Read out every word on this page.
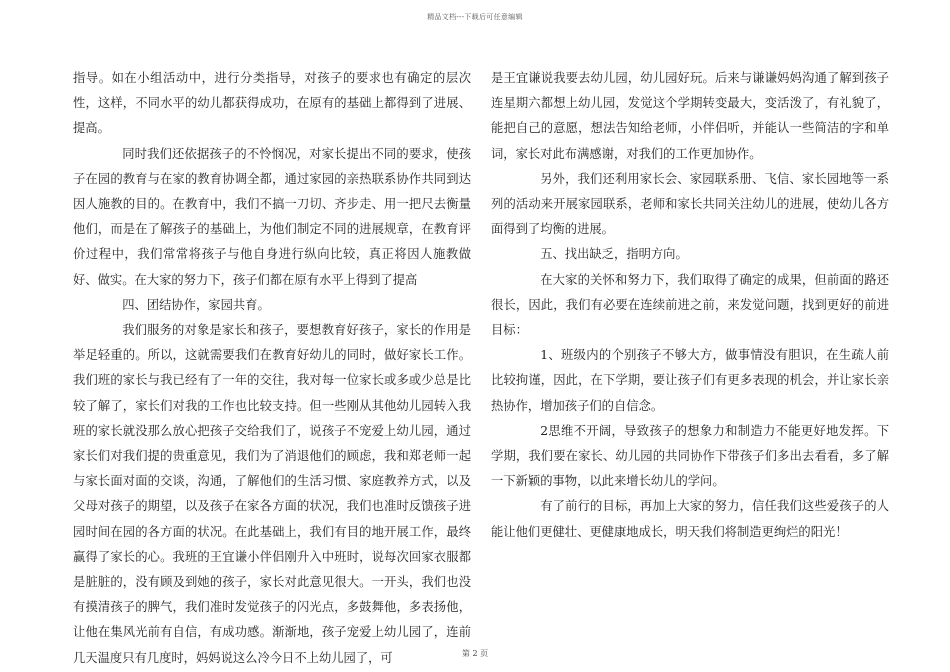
精品文档---下载后可任意编辑

指导。如在小组活动中，进行分类指导，对孩子的要求也有确定的层次性，这样，不同水平的幼儿都获得成功，在原有的基础上都得到了进展、提高。

同时我们还依据孩子的不怜悯况，对家长提出不同的要求，使孩子在园的教育与在家的教育协调全都，通过家园的亲热联系协作共同到达因人施教的目的。在教育中，我们不搞一刀切、齐步走、用一把尺去衡量他们，而是在了解孩子的基础上，为他们制定不同的进展规章，在教育评价过程中，我们常常将孩子与他自身进行纵向比较，真正将因人施教做好、做实。在大家的努力下，孩子们都在原有水平上得到了提高

四、团结协作，家园共育。

我们服务的对象是家长和孩子，要想教育好孩子，家长的作用是举足轻重的。所以，这就需要我们在教育好幼儿的同时，做好家长工作。我们班的家长与我已经有了一年的交往，我对每一位家长或多或少总是比较了解了，家长们对我的工作也比较支持。但一些刚从其他幼儿园转入我班的家长就没那么放心把孩子交给我们了，说孩子不宠爱上幼儿园，通过家长们对我们提的贵重意见，我们为了消退他们的顾虑，我和郑老师一起与家长面对面的交谈，沟通，了解他们的生活习惯、家庭教养方式，以及父母对孩子的期望，以及孩子在家各方面的状况，我们也准时反馈孩子进园时间在园的各方面的状况。在此基础上，我们有目的地开展工作，最终赢得了家长的心。我班的王宜谦小伴侣刚升入中班时，说每次回家衣服都是脏脏的，没有顾及到她的孩子，家长对此意见很大。一开头，我们也没有摸清孩子的脾气，我们准时发觉孩子的闪光点，多鼓舞他，多表扬他，让他在集风光前有自信，有成功感。渐渐地，孩子宠爱上幼儿园了，连前几天温度只有几度时，妈妈说这么冷今日不上幼儿园了，可

是王宜谦说我要去幼儿园，幼儿园好玩。后来与谦谦妈妈沟通了解到孩子连星期六都想上幼儿园，发觉这个学期转变最大，变活泼了，有礼貌了，能把自己的意愿，想法告知给老师，小伴侣听，并能认一些简洁的字和单词，家长对此布满感谢，对我们的工作更加协作。

另外，我们还利用家长会、家园联系册、飞信、家长园地等一系列的活动来开展家园联系，老师和家长共同关注幼儿的进展，使幼儿各方面得到了均衡的进展。

五、找出缺乏，指明方向。

在大家的关怀和努力下，我们取得了确定的成果，但前面的路还很长，因此，我们有必要在连续前进之前，来发觉问题，找到更好的前进目标：

1、班级内的个别孩子不够大方，做事情没有胆识，在生疏人前比较拘谨，因此，在下学期，要让孩子们有更多表现的机会，并让家长亲热协作，增加孩子们的自信念。

2思维不开阔，导致孩子的想象力和制造力不能更好地发挥。下学期，我们要在家长、幼儿园的共同协作下带孩子们多出去看看，多了解一下新颖的事物，以此来增长幼儿的学问。

有了前行的目标，再加上大家的努力，信任我们这些爱孩子的人能让他们更健壮、更健康地成长，明天我们将制造更绚烂的阳光！

第 2 页
